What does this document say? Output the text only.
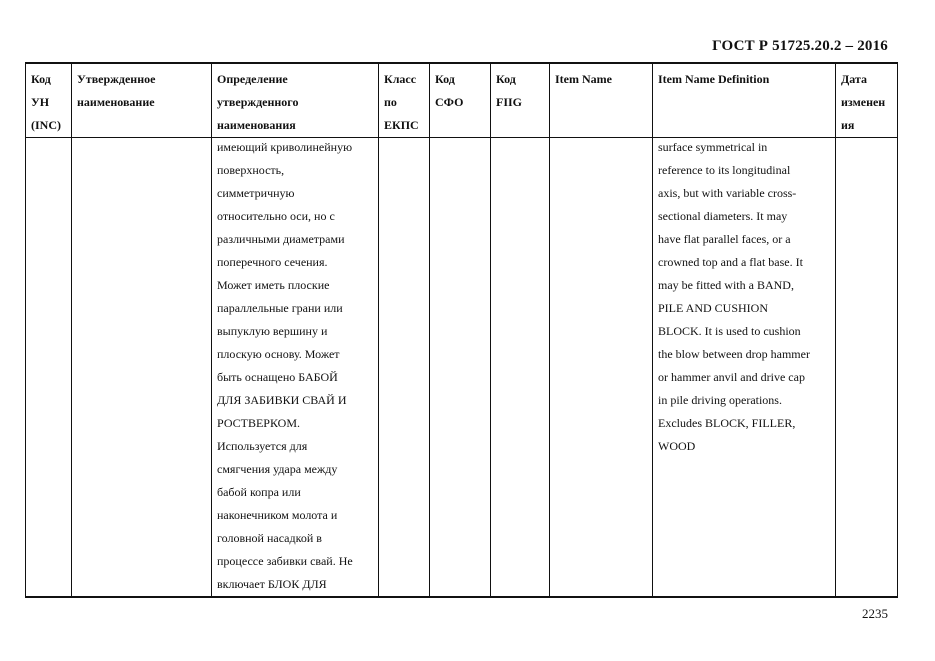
ГОСТ Р 51725.20.2 – 2016
Код
УН
(INC)
Утвержденное
наименование
Определение
утвержденного
наименования
имеющий криволинейную
поверхность,
симметричную
относительно оси, но с
различными диаметрами
поперечного сечения.
Может иметь плоские
параллельные грани или
выпуклую вершину и
плоскую основу. Может
быть оснащено БАБОЙ
ДЛЯ ЗАБИВКИ СВАЙ И
РОСТВЕРКОМ.
Используется для
смягчения удара между
бабой копра или
наконечником молота и
головной насадкой в
процессе забивки свай. Не
включает БЛОК ДЛЯ
Класс
по
ЕКПС
Код
СФО
Код
FIIG
Item Name	Item Name Definition
surface symmetrical in
reference to its longitudinal
axis, but with variable cross-
sectional diameters. It may
have flat parallel faces, or a
crowned top and a flat base. It
may be fitted with a BAND,
PILE AND CUSHION
BLOCK. It is used to cushion
the blow between drop hammer
or hammer anvil and drive cap
in pile driving operations.
Excludes BLOCK, FILLER,
WOOD
Дата
изменен
ия
2235
